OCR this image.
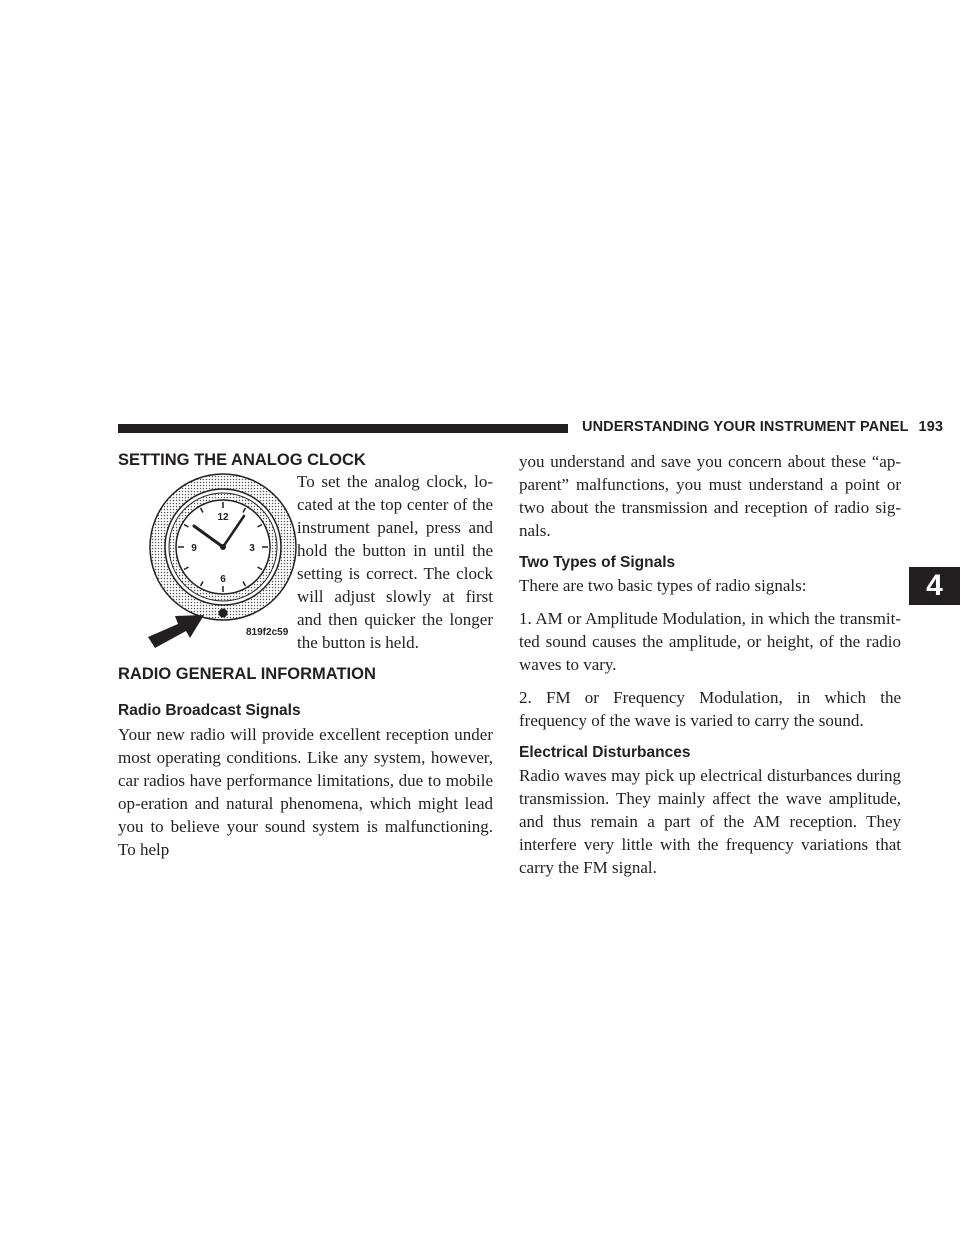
UNDERSTANDING YOUR INSTRUMENT PANEL 193
4
SETTING THE ANALOG CLOCK
12
3
6
9
819f2c59

To set the analog clock, lo-cated at the top center of the instrument panel, press and hold the button in until the setting is correct. The clock will adjust slowly at first and then quicker the longer the button is held.

RADIO GENERAL INFORMATION
Radio Broadcast Signals

Your new radio will provide excellent reception under most operating conditions. Like any system, however, car radios have performance limitations, due to mobile op-eration and natural phenomena, which might lead you to believe your sound system is malfunctioning. To help

you understand and save you concern about these “ap-parent” malfunctions, you must understand a point or two about the transmission and reception of radio sig-nals.

Two Types of Signals

There are two basic types of radio signals:

1. AM or Amplitude Modulation, in which the transmit-ted sound causes the amplitude, or height, of the radio waves to vary.

2. FM or Frequency Modulation, in which the frequency of the wave is varied to carry the sound.

Electrical Disturbances

Radio waves may pick up electrical disturbances during transmission. They mainly affect the wave amplitude, and thus remain a part of the AM reception. They interfere very little with the frequency variations that carry the FM signal.
